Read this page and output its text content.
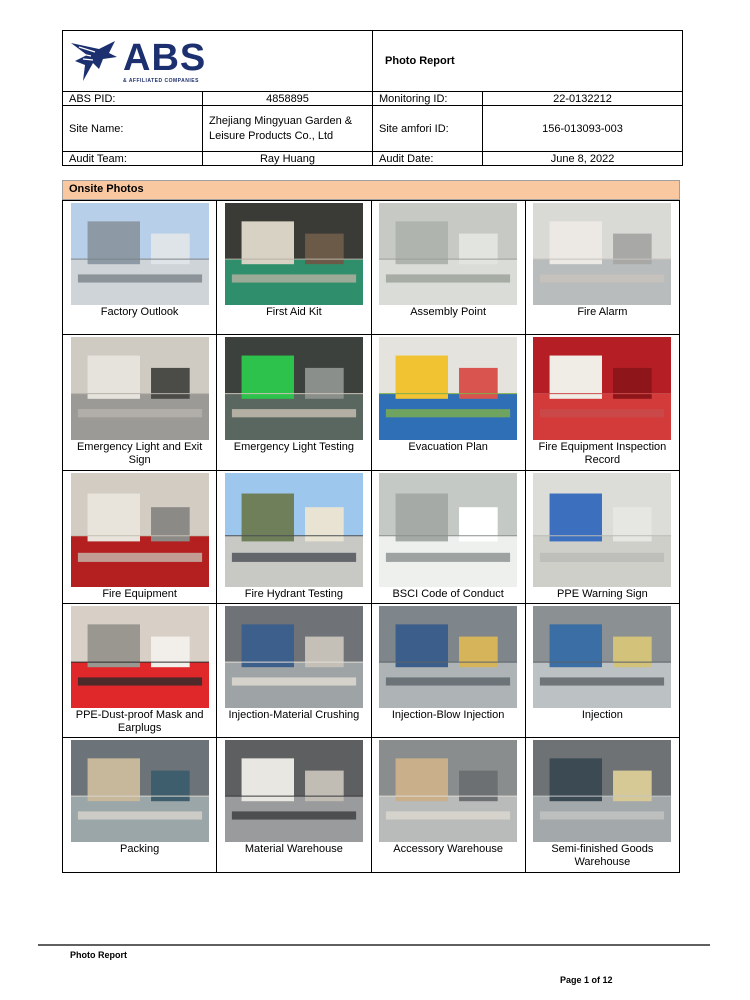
ABS
& AFFILIATED COMPANIES		Photo Report	
ABS PID:	4858895	Monitoring ID:	22-0132212
Site Name:	Zhejiang Mingyuan Garden & Leisure Products Co., Ltd	Site amfori ID:	156-013093-003
Audit Team:	Ray Huang	Audit Date:	June 8, 2022
Onsite Photos

Factory Outlook	First Aid Kit	Assembly Point	Fire Alarm

Emergency Light and Exit Sign	Emergency Light Testing	Evacuation Plan	Fire Equipment Inspection Record

Fire Equipment	Fire Hydrant Testing	BSCI Code of Conduct	PPE Warning Sign

PPE-Dust-proof Mask and Earplugs	Injection-Material Crushing	Injection-Blow Injection	Injection

Packing	Material Warehouse	Accessory Warehouse	Semi-finished Goods Warehouse
Photo Report
Page 1 of 12
